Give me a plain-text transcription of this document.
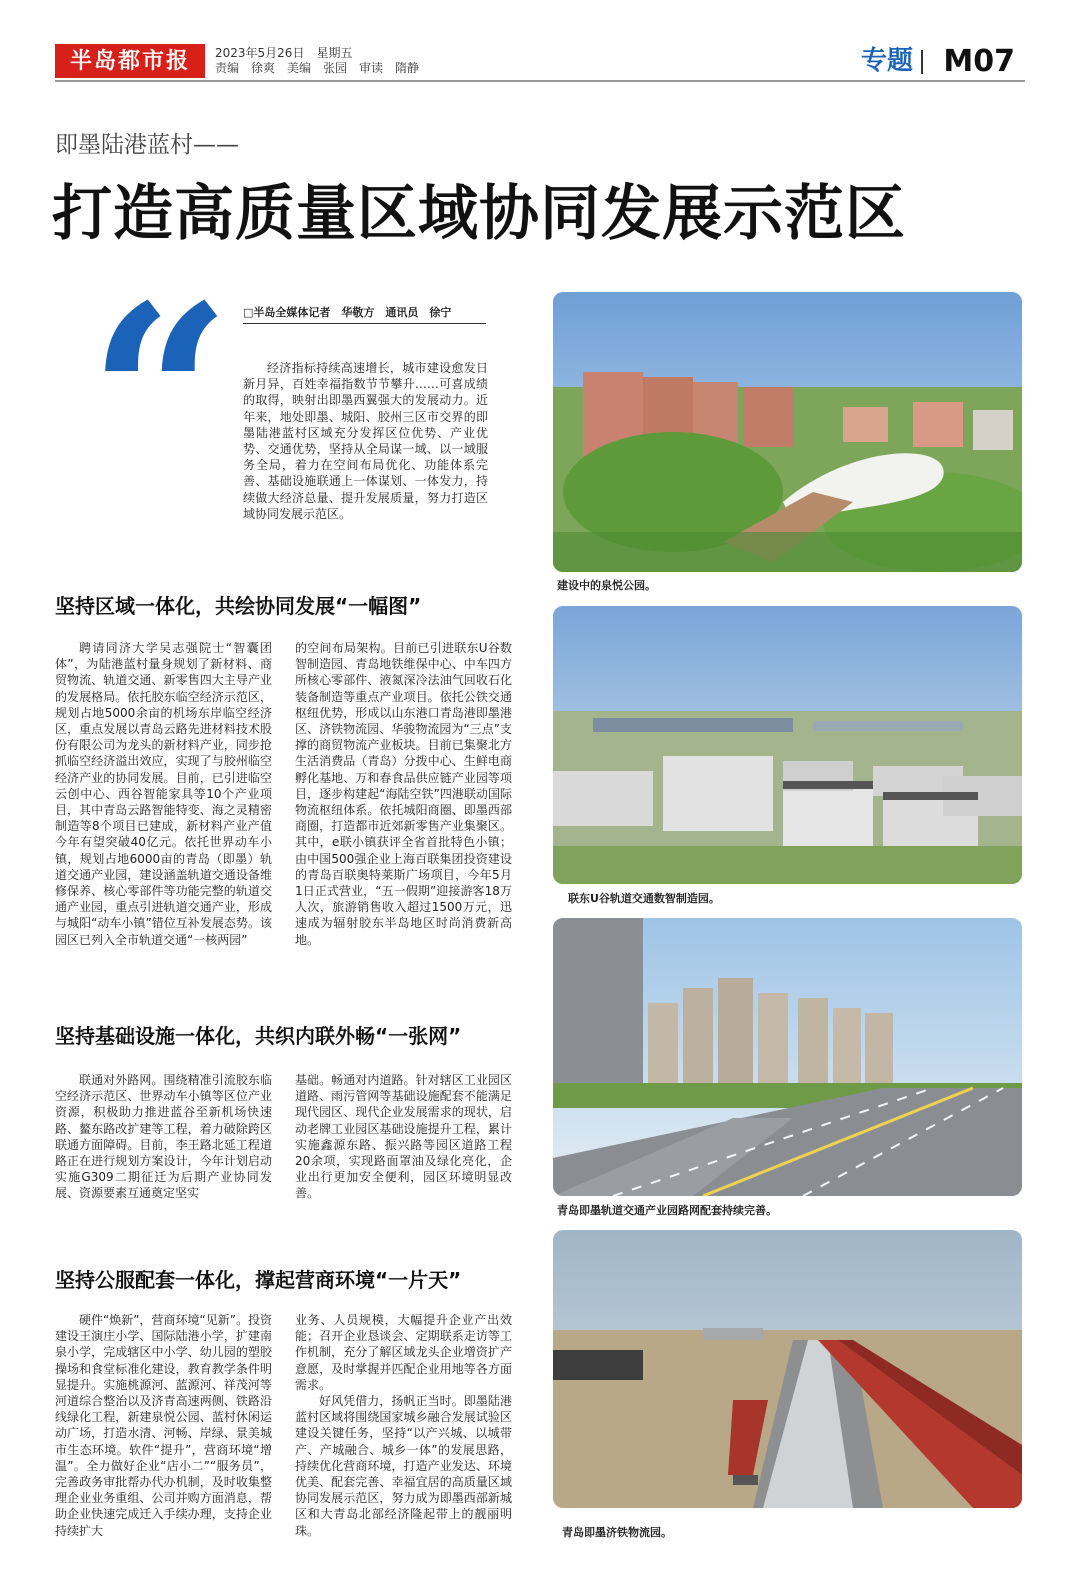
半岛都市报	2023年5月26日　星期五
责编　徐爽　美编　张园　审读　隋静	专题 M07
即墨陆港蓝村——
打造高质量区域协同发展示范区
“ □半岛全媒体记者　华敬方　通讯员　徐宁
经济指标持续高速增长，城市建设愈发日新月异，百姓幸福指数节节攀升……可喜成绩的取得，映射出即墨西翼强大的发展动力。近年来，地处即墨、城阳、胶州三区市交界的即墨陆港蓝村区域充分发挥区位优势、产业优势、交通优势，坚持从全局谋一域、以一域服务全局，着力在空间布局优化、功能体系完善、基础设施联通上一体谋划、一体发力，持续做大经济总量、提升发展质量，努力打造区域协同发展示范区。
建设中的泉悦公园。
坚持区域一体化，共绘协同发展“一幅图”

聘请同济大学吴志强院士“智囊团体”，为陆港蓝村量身规划了新材料、商贸物流、轨道交通、新零售四大主导产业的发展格局。依托胶东临空经济示范区，规划占地5000余亩的机场东岸临空经济区，重点发展以青岛云路先进材料技术股份有限公司为龙头的新材料产业，同步抢抓临空经济溢出效应，实现了与胶州临空经济产业的协同发展。目前，已引进临空云创中心、西谷智能家具等10个产业项目，其中青岛云路智能特变、海之灵精密制造等8个项目已建成，新材料产业产值今年有望突破40亿元。依托世界动车小镇，规划占地6000亩的青岛（即墨）轨道交通产业园，建设涵盖轨道交通设备维修保养、核心零部件等功能完整的轨道交通产业园，重点引进轨道交通产业，形成与城阳“动车小镇”错位互补发展态势。该园区已列入全市轨道交通“一核两园”

的空间布局架构。目前已引进联东U谷数智制造园、青岛地铁维保中心、中车四方所核心零部件、液氮深冷法油气回收石化装备制造等重点产业项目。依托公铁交通枢纽优势，形成以山东港口青岛港即墨港区、济铁物流园、华骏物流园为“三点”支撑的商贸物流产业板块。目前已集聚北方生活消费品（青岛）分拨中心、生鲜电商孵化基地、万和春食品供应链产业园等项目，逐步构建起“海陆空铁”四港联动国际物流枢纽体系。依托城阳商圈、即墨西部商圈，打造都市近郊新零售产业集聚区。其中，e联小镇获评全省首批特色小镇；由中国500强企业上海百联集团投资建设的青岛百联奥特莱斯广场项目，今年5月1日正式营业，“五一假期”迎接游客18万人次，旅游销售收入超过1500万元，迅速成为辐射胶东半岛地区时尚消费新高地。

联东U谷轨道交通数智制造园。
青岛即墨轨道交通产业园路网配套持续完善。
坚持基础设施一体化，共织内联外畅“一张网”

联通对外路网。围绕精准引流胶东临空经济示范区、世界动车小镇等区位产业资源，积极助力推进蓝谷至新机场快速路、鳌东路改扩建等工程，着力破除跨区联通方面障碍。目前，李王路北延工程道路正在进行规划方案设计，今年计划启动实施G309二期征迁为后期产业协同发展、资源要素互通奠定坚实

基础。畅通对内道路。针对辖区工业园区道路、雨污管网等基础设施配套不能满足现代园区、现代企业发展需求的现状，启动老牌工业园区基础设施提升工程，累计实施鑫源东路、振兴路等园区道路工程20余项，实现路面罩油及绿化亮化，企业出行更加安全便利，园区环境明显改善。

坚持公服配套一体化，撑起营商环境“一片天”

硬件“焕新”，营商环境“见新”。投资建设王演庄小学、国际陆港小学，扩建南泉小学，完成辖区中小学、幼儿园的塑胶操场和食堂标准化建设，教育教学条件明显提升。实施桃源河、蓝源河、祥茂河等河道综合整治以及济青高速两侧、铁路沿线绿化工程，新建泉悦公园、蓝村休闲运动广场，打造水清、河畅、岸绿、景美城市生态环境。软件“提升”，营商环境“增温”。全力做好企业“店小二”“服务员”，完善政务审批帮办代办机制，及时收集整理企业业务重组、公司并购方面消息，帮助企业快速完成迁入手续办理，支持企业持续扩大

业务、人员规模，大幅提升企业产出效能；召开企业恳谈会、定期联系走访等工作机制，充分了解区域龙头企业增资扩产意愿，及时掌握并匹配企业用地等各方面需求。

好风凭借力，扬帆正当时。即墨陆港蓝村区域将围绕国家城乡融合发展试验区建设关键任务，坚持“以产兴城、以城带产、产城融合、城乡一体”的发展思路，持续优化营商环境，打造产业发达、环境优美、配套完善、幸福宜居的高质量区域协同发展示范区，努力成为即墨西部新城区和大青岛北部经济隆起带上的靓丽明珠。	青岛即墨济铁物流园。
